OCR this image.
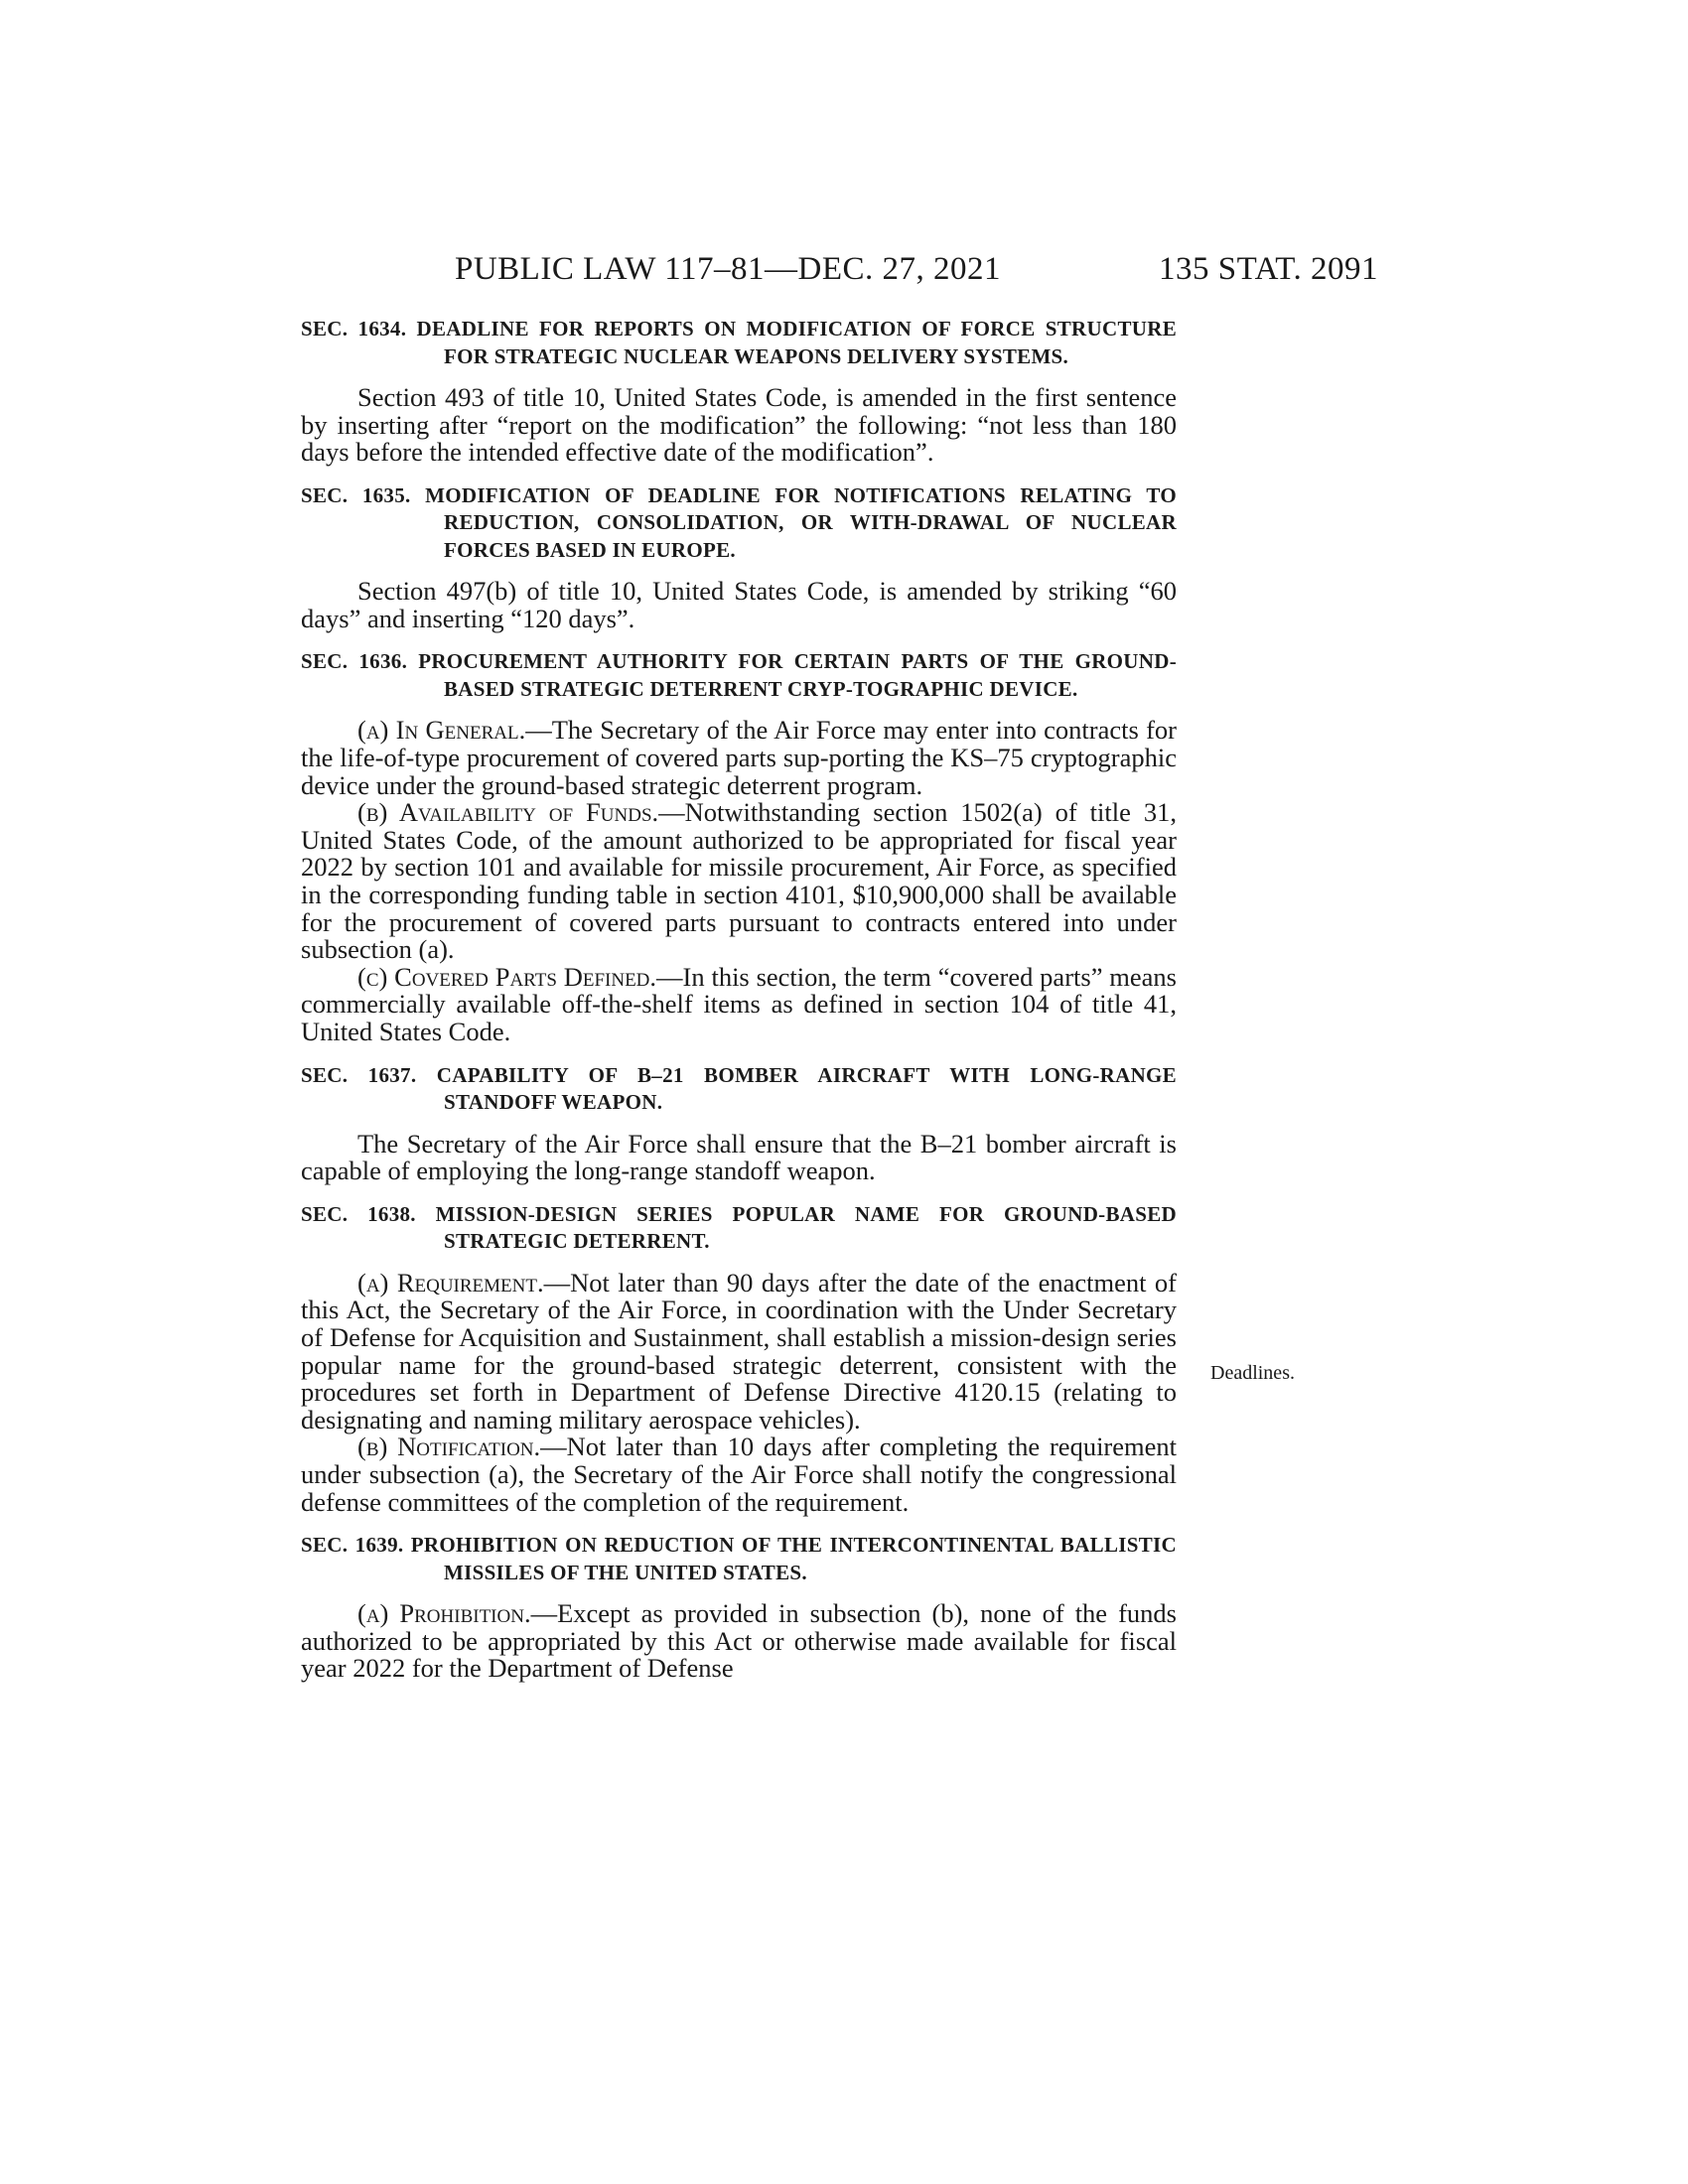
PUBLIC LAW 117–81—DEC. 27, 2021	135 STAT. 2091
Deadlines.
SEC. 1634. DEADLINE FOR REPORTS ON MODIFICATION OF FORCE STRUCTURE FOR STRATEGIC NUCLEAR WEAPONS DELIVERY SYSTEMS.

Section 493 of title 10, United States Code, is amended in the first sentence by inserting after “report on the modification” the following: “not less than 180 days before the intended effective date of the modification”.

SEC. 1635. MODIFICATION OF DEADLINE FOR NOTIFICATIONS RELATING TO REDUCTION, CONSOLIDATION, OR WITH-DRAWAL OF NUCLEAR FORCES BASED IN EUROPE.

Section 497(b) of title 10, United States Code, is amended by striking “60 days” and inserting “120 days”.

SEC. 1636. PROCUREMENT AUTHORITY FOR CERTAIN PARTS OF THE GROUND-BASED STRATEGIC DETERRENT CRYP-TOGRAPHIC DEVICE.

(a) In General.—The Secretary of the Air Force may enter into contracts for the life-of-type procurement of covered parts sup-porting the KS–75 cryptographic device under the ground-based strategic deterrent program.

(b) Availability of Funds.—Notwithstanding section 1502(a) of title 31, United States Code, of the amount authorized to be appropriated for fiscal year 2022 by section 101 and available for missile procurement, Air Force, as specified in the corresponding funding table in section 4101, $10,900,000 shall be available for the procurement of covered parts pursuant to contracts entered into under subsection (a).

(c) Covered Parts Defined.—In this section, the term “covered parts” means commercially available off-the-shelf items as defined in section 104 of title 41, United States Code.

SEC. 1637. CAPABILITY OF B–21 BOMBER AIRCRAFT WITH LONG-RANGE STANDOFF WEAPON.

The Secretary of the Air Force shall ensure that the B–21 bomber aircraft is capable of employing the long-range standoff weapon.

SEC. 1638. MISSION-DESIGN SERIES POPULAR NAME FOR GROUND-BASED STRATEGIC DETERRENT.

(a) Requirement.—Not later than 90 days after the date of the enactment of this Act, the Secretary of the Air Force, in coordination with the Under Secretary of Defense for Acquisition and Sustainment, shall establish a mission-design series popular name for the ground-based strategic deterrent, consistent with the procedures set forth in Department of Defense Directive 4120.15 (relating to designating and naming military aerospace vehicles).

(b) Notification.—Not later than 10 days after completing the requirement under subsection (a), the Secretary of the Air Force shall notify the congressional defense committees of the completion of the requirement.

SEC. 1639. PROHIBITION ON REDUCTION OF THE INTERCONTINENTAL BALLISTIC MISSILES OF THE UNITED STATES.

(a) Prohibition.—Except as provided in subsection (b), none of the funds authorized to be appropriated by this Act or otherwise made available for fiscal year 2022 for the Department of Defense
